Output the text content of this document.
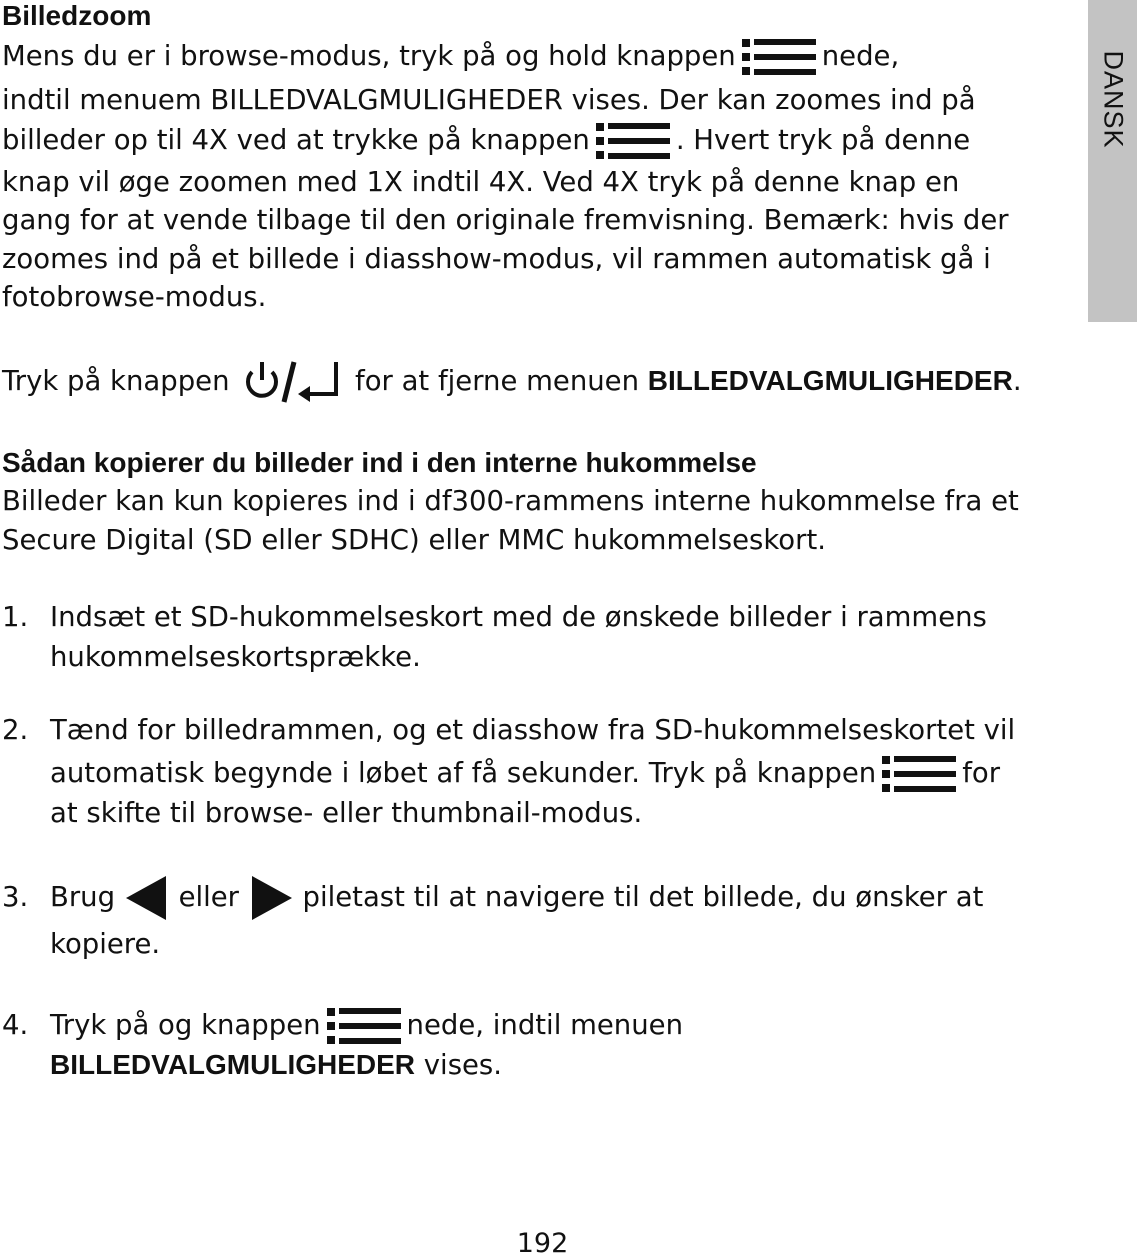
Billedzoom
Mens du er i browse-modus, tryk på og hold knappen	nede,
indtil menuem BILLEDVALGMULIGHEDER vises. Der kan zoomes ind på
billeder op til 4X ved at trykke på knappen	. Hvert tryk på denne
knap vil øge zoomen med 1X indtil 4X. Ved 4X tryk på denne knap en
gang for at vende tilbage til den originale fremvisning. Bemærk: hvis der
zoomes ind på et billede i diasshow-modus, vil rammen automatisk gå i
fotobrowse-modus.
Tryk på knappen	for at fjerne menuen BILLEDVALGMULIGHEDER.
Sådan kopierer du billeder ind i den interne hukommelse
Billeder kan kun kopieres ind i df300-rammens interne hukommelse fra et
Secure Digital (SD eller SDHC) eller MMC hukommelseskort.
1. Indsæt et SD-hukommelseskort med de ønskede billeder i rammens
hukommelseskortsprække.
2. Tænd for billedrammen, og et diasshow fra SD-hukommelseskortet vil
automatisk begynde i løbet af få sekunder. Tryk på knappen	for
at skifte til browse- eller thumbnail-modus.
3. Brug eller piletast til at navigere til det billede, du ønsker at
kopiere.
4. Tryk på og knappen	nede, indtil menuen
BILLEDVALGMULIGHEDER vises.
192
DANSK
